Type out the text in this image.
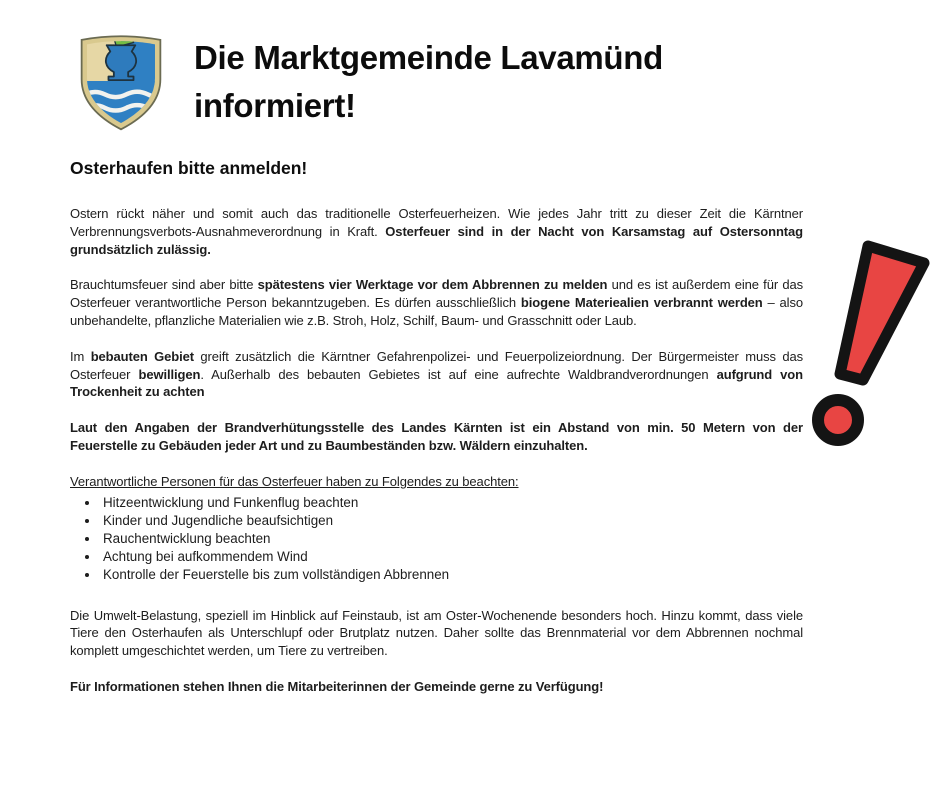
Die Marktgemeinde Lavamünd
informiert!
Osterhaufen bitte anmelden!

Ostern rückt näher und somit auch das traditionelle Osterfeuerheizen. Wie jedes Jahr tritt zu dieser Zeit die Kärntner Verbrennungsverbots-Ausnahmeverordnung in Kraft. Osterfeuer sind in der Nacht von Karsamstag auf Ostersonntag grundsätzlich zulässig.

Brauchtumsfeuer sind aber bitte spätestens vier Werktage vor dem Abbrennen zu melden und es ist außerdem eine für das Osterfeuer verantwortliche Person bekanntzugeben. Es dürfen ausschließlich biogene Materiealien verbrannt werden – also unbehandelte, pflanzliche Materialien wie z.B. Stroh, Holz, Schilf, Baum- und Grasschnitt oder Laub.

Im bebauten Gebiet greift zusätzlich die Kärntner Gefahrenpolizei- und Feuerpolizeiordnung. Der Bürgermeister muss das Osterfeuer bewilligen. Außerhalb des bebauten Gebietes ist auf eine aufrechte Waldbrandverordnungen aufgrund von Trockenheit zu achten

Laut den Angaben der Brandverhütungsstelle des Landes Kärnten ist ein Abstand von min. 50 Metern von der Feuerstelle zu Gebäuden jeder Art und zu Baumbeständen bzw. Wäldern einzuhalten.

Verantwortliche Personen für das Osterfeuer haben zu Folgendes zu beachten:

• Hitzeentwicklung und Funkenflug beachten
• Kinder und Jugendliche beaufsichtigen
• Rauchentwicklung beachten
• Achtung bei aufkommendem Wind
• Kontrolle der Feuerstelle bis zum vollständigen Abbrennen

Die Umwelt-Belastung, speziell im Hinblick auf Feinstaub, ist am Oster-Wochenende besonders hoch. Hinzu kommt, dass viele Tiere den Osterhaufen als Unterschlupf oder Brutplatz nutzen. Daher sollte das Brennmaterial vor dem Abbrennen nochmal komplett umgeschichtet werden, um Tiere zu vertreiben.

Für Informationen stehen Ihnen die Mitarbeiterinnen der Gemeinde gerne zu Verfügung!
